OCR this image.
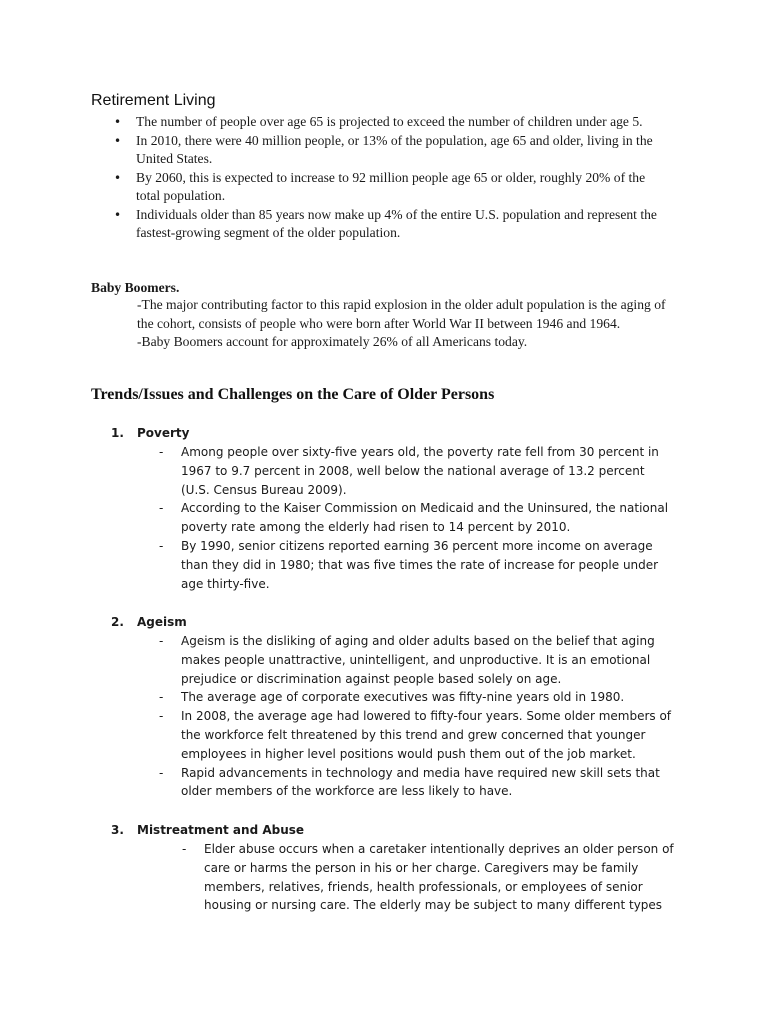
Retirement Living
• The number of people over age 65 is projected to exceed the number of children under age 5.
• In 2010, there were 40 million people, or 13% of the population, age 65 and older, living in the United States.
• By 2060, this is expected to increase to 92 million people age 65 or older, roughly 20% of the total population.
• Individuals older than 85 years now make up 4% of the entire U.S. population and represent the fastest-growing segment of the older population.
Baby Boomers.

-The major contributing factor to this rapid explosion in the older adult population is the aging of the cohort, consists of people who were born after World War II between 1946 and 1964.

-Baby Boomers account for approximately 26% of all Americans today.

Trends/Issues and Challenges on the Care of Older Persons
1. Poverty
- Among people over sixty-five years old, the poverty rate fell from 30 percent in 1967 to 9.7 percent in 2008, well below the national average of 13.2 percent (U.S. Census Bureau 2009).
- According to the Kaiser Commission on Medicaid and the Uninsured, the national poverty rate among the elderly had risen to 14 percent by 2010.
- By 1990, senior citizens reported earning 36 percent more income on average than they did in 1980; that was five times the rate of increase for people under age thirty-five.
2. Ageism
- Ageism is the disliking of aging and older adults based on the belief that aging makes people unattractive, unintelligent, and unproductive. It is an emotional prejudice or discrimination against people based solely on age.
- The average age of corporate executives was fifty-nine years old in 1980.
- In 2008, the average age had lowered to fifty-four years. Some older members of the workforce felt threatened by this trend and grew concerned that younger employees in higher level positions would push them out of the job market.
- Rapid advancements in technology and media have required new skill sets that older members of the workforce are less likely to have.
3. Mistreatment and Abuse
- Elder abuse occurs when a caretaker intentionally deprives an older person of care or harms the person in his or her charge. Caregivers may be family members, relatives, friends, health professionals, or employees of senior housing or nursing care. The elderly may be subject to many different types
